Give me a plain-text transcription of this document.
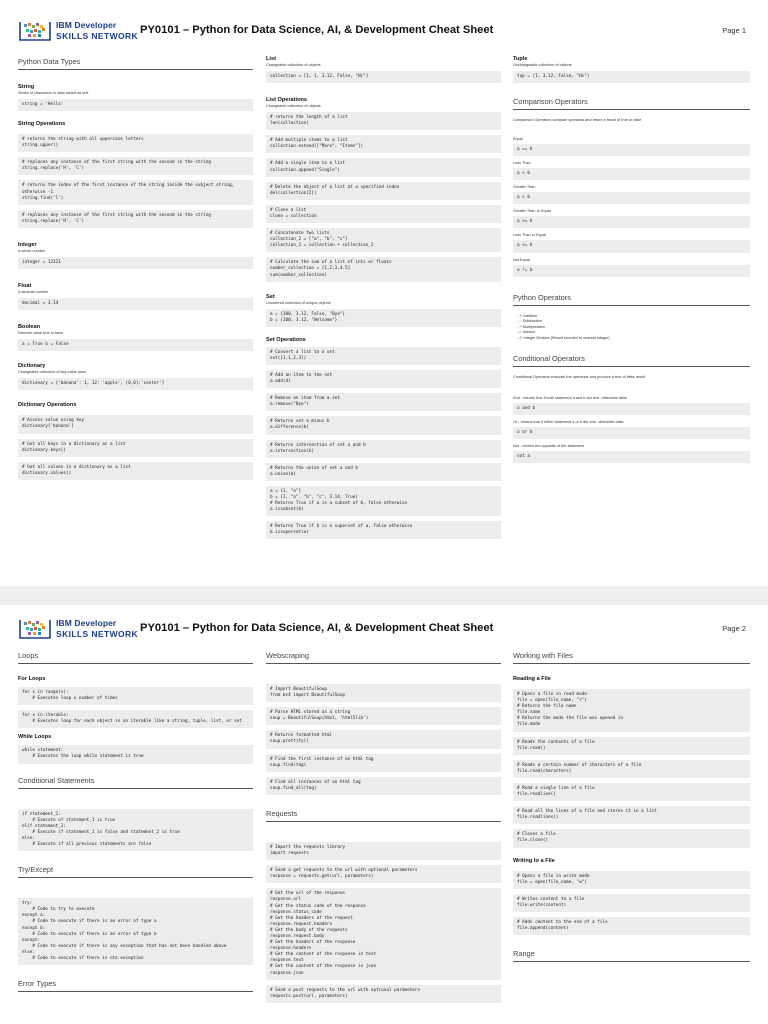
IBM Developer
SKILLS NETWORK PY0101 – Python for Data Science, AI, & Development Cheat Sheet	Page 1
Python Data Types
String
Series of characters or data stored as text
string = 'Hello'
String Operations
# returns the string with all uppercase letters
string.upper()
# replaces any instance of the first string with the second in the string
string.replace('H', 'C')
# returns the index of the first instance of the string inside the subject string, otherwise -1
string.find('l')
# replaces any instance of the first string with the second in the string
string.replace('H', 'C')
Integer
A whole number
integer = 12321
Float
A decimal number
decimal = 3.14
Boolean
Discrete value true or false
a = True b = False
Dictionary
Changeable collection of key-value pairs
dictionary = {'banana': 1, 12: 'apple', (0,0):'center'}
Dictionary Operations
# Access value using key
dictionary['banana']
# Get all keys in a dictionary as a list
dictionary.keys()
# Get all values in a dictionary as a list
dictionary.values()
List
Changeable collection of objects
collection = [1, 1, 3.12, False, "Hi"]
List Operations
Changeable collection of objects
# returns the length of a list
len(collection)
# Add multiple items to a list
collection.extend(["More", "Items"])
# Add a single item to a list
collection.append("Single")
# Delete the object of a list at a specified index
del(collection[2])
# Clone a list
clone = collection
# Concatenate two lists
collection_2 = ["a", "b", "c"]
collection_3 = collection + collection_2
# Calculate the sum of a list of ints or floats
number_collection = [1,2,3,4.5]
sum(number_collection)
Set
Unordered collection of unique objects
a = {100, 3.12, False, "Bye"}
b = {100, 3.12, "Welcome"}
Set Operations
# Convert a list to a set
set([1,1,2,3])
# Add an item to the set
a.add(4)
# Remove an item from a set
a.remove("Bye")
# Returns set a minus b
a.difference(b)
# Returns intersection of set a and b
a.intersection(b)
# Returns the union of set a and b
a.union(b)
a = {1, "a"}
b = {1, "a", "b", "c", 3.14, True}
# Returns True if a is a subset of b, false otherwise
a.issubset(b)
# Returns True if b is a superset of a, false otherwise
b.issuperset(a)
Tuple
Unchangeable collection of objects
tup = (1, 3.12, False, "Hi")
Comparison Operators
Comparison Operators compare operands and return a result of true or false
Equal
a == b
Less Than
a < b
Greater Than
a > b
Greater Than or Equal
a >= b
Less Than or Equal
a <= b
Not Equal
a != b
Python Operators
- +: Addition
- -: Subtraction
- *: Multiplication
- /: division
- //: Integer Division (Result rounded to nearest integer)
Conditional Operators
Conditional Operators evaluate the operands and produce a true of false result
And - returns true if both statement a and b are true, otherwise false
a and b
Or - returns true if either statement a or b are true, otherwise false
a or b
Not - returns the opposite of the statement
not a
IBM Developer
SKILLS NETWORK PY0101 – Python for Data Science, AI, & Development Cheat Sheet	Page 2
Loops
For Loops
for x in range(x):
# Executes loop x number of times
for x in iterable:
# Executes loop for each object in an iterable like a string, tuple, list, or set
While Loops
while statement:
# Executes the loop while statement is true
Conditional Statements
if statement_1:
# Execute of statement_1 is true
elif statement_2:
# Execute if statement_1 is false and statement_2 is true
else:
# Execute if all previous statements are false
Try/Except
try:
# Code to try to execute
except a:
# Code to execute if there is an error of type a
except b:
# Code to execute if there is an error of type b
except:
# Code to execute if there is any exception that has not been handled above
else:
# Code to execute if there is nto exception
Error Types
Webscraping
# Import BeautifulSoup
from bs4 import BeautifulSoup
# Parse HTML stored as a string
soup = BeautifulSoup(html, 'html5lib')
# Returns formatted html
soup.prettify()
# Find the first instance of an html tag
soup.find(tag)
# Find all instances of an html tag
soup.find_all(tag)
Requests
# Import the requests library
import requests
# Send a get requests to the url with optional parameters
response = requests.get(url, parameters)
# Get the url of the response
response.url
# Get the status code of the response
response.status_code
# Get the headers of the request
response.request.headers
# Get the body of the requests
response.request.body
# Get the headers of the response
response.headers
# Get the content of the response in text
response.text
# Get the content of the response in json
response.json
# Send a post requests to the url with optional parameters
requests.post(url, parameters)
Working with Files
Reading a File
# Opens a file in read mode
file = open(file_name, "r")
# Returns the file name
file.name
# Returns the mode the file was opened in
file.mode
# Reads the contents of a file
file.read()
# Reads a certain number of characters of a file
file.read(characters)
# Read a single line of a file
file.readline()
# Read all the lines of a file and stores it in a list
file.readlines()
# Closes a file
file.close()
Writing to a File
# Opens a file in write mode
file = open(file_name, "w")
# Writes content to a file
file.write(content)
# Adds content to the end of a file
file.append(content)
Range
